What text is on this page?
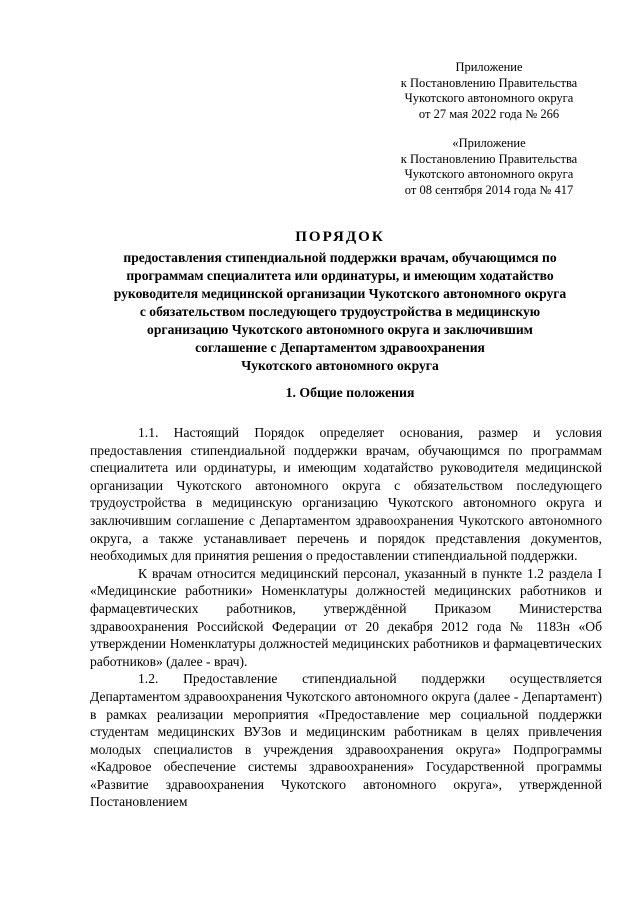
Приложение
к Постановлению Правительства
Чукотского автономного округа
от 27 мая 2022 года № 266
«Приложение
к Постановлению Правительства
Чукотского автономного округа
от 08 сентября 2014 года № 417
ПОРЯДОК
предоставления стипендиальной поддержки врачам, обучающимся по
программам специалитета или ординатуры, и имеющим ходатайство
руководителя медицинской организации Чукотского автономного округа
с обязательством последующего трудоустройства в медицинскую
организацию Чукотского автономного округа и заключившим
соглашение с Департаментом здравоохранения
Чукотского автономного округа
1. Общие положения

1.1. Настоящий Порядок определяет основания, размер и условия предоставления стипендиальной поддержки врачам, обучающимся по программам специалитета или ординатуры, и имеющим ходатайство руководителя медицинской организации Чукотского автономного округа с обязательством последующего трудоустройства в медицинскую организацию Чукотского автономного округа и заключившим соглашение с Департаментом здравоохранения Чукотского автономного округа, а также устанавливает перечень и порядок представления документов, необходимых для принятия решения о предоставлении стипендиальной поддержки.

К врачам относится медицинский персонал, указанный в пункте 1.2 раздела I «Медицинские работники» Номенклатуры должностей медицинских работников и фармацевтических работников, утверждённой Приказом Министерства здравоохранения Российской Федерации от 20 декабря 2012 года № 1183н «Об утверждении Номенклатуры должностей медицинских работников и фармацевтических работников» (далее - врач).

1.2. Предоставление стипендиальной поддержки осуществляется Департаментом здравоохранения Чукотского автономного округа (далее - Департамент) в рамках реализации мероприятия «Предоставление мер социальной поддержки студентам медицинских ВУЗов и медицинским работникам в целях привлечения молодых специалистов в учреждения здравоохранения округа» Подпрограммы «Кадровое обеспечение системы здравоохранения» Государственной программы «Развитие здравоохранения Чукотского автономного округа», утвержденной Постановлением
